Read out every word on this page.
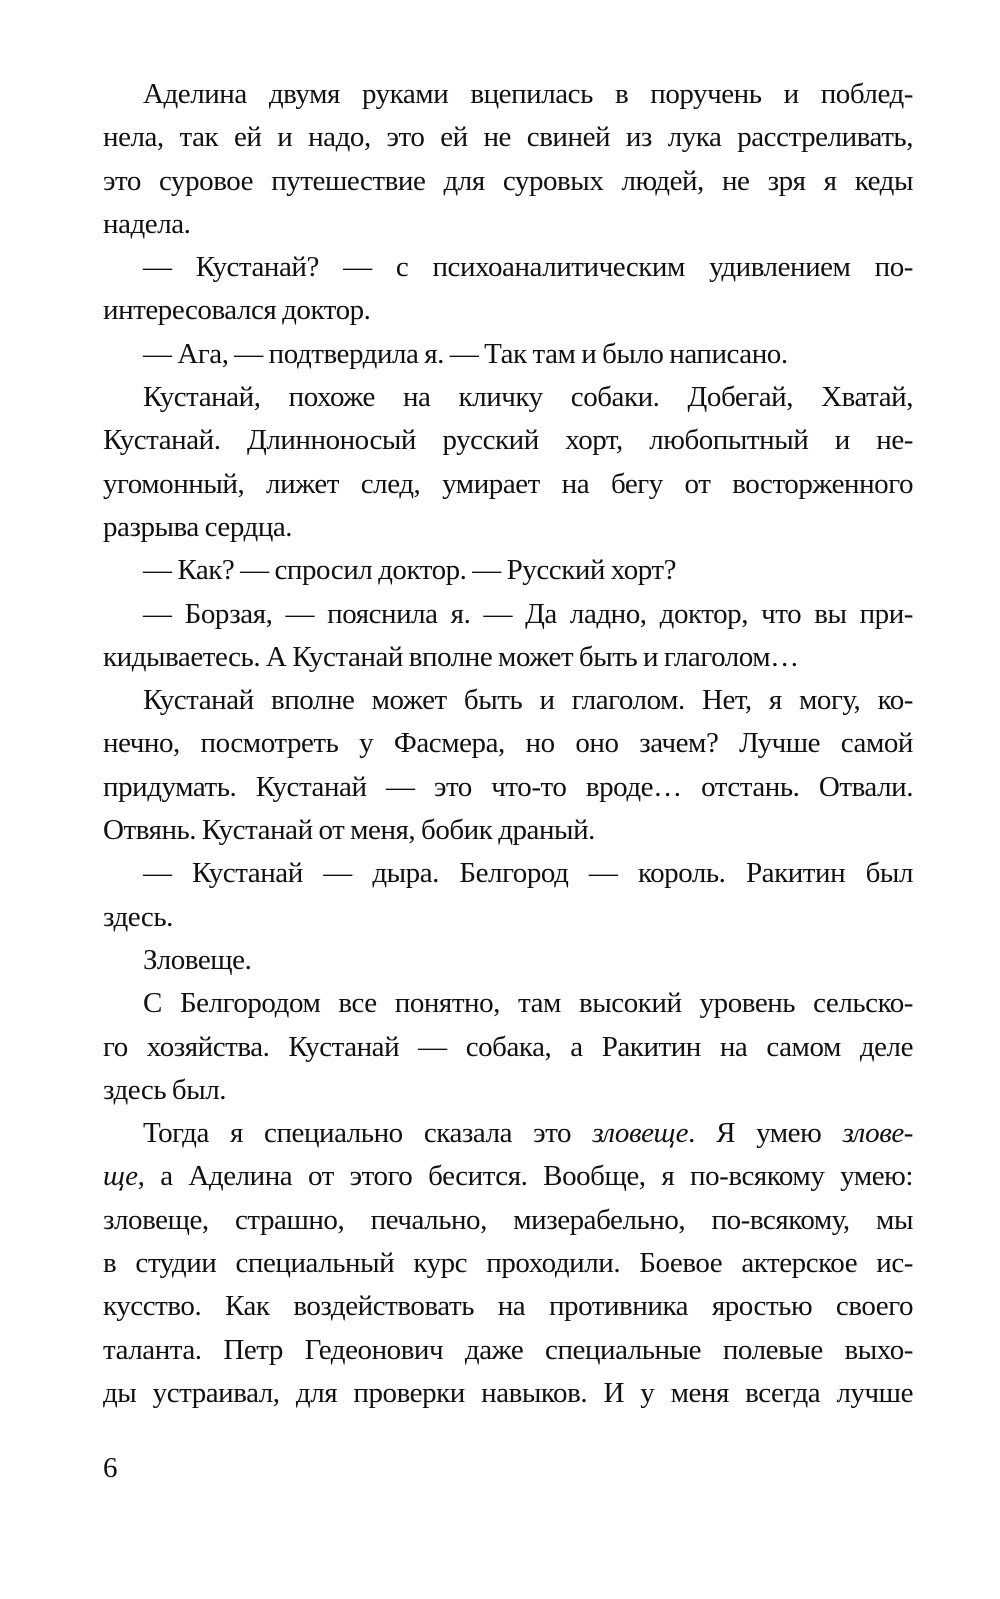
Аделина двумя руками вцепилась в поручень и поблед-
нела, так ей и надо, это ей не свиней из лука расстреливать,
это суровое путешествие для суровых людей, не зря я кеды
надела.
— Кустанай? — с психоаналитическим удивлением по-
интересовался доктор.
— Ага, — подтвердила я. — Так там и было написано.
Кустанай, похоже на кличку собаки. Добегай, Хватай,
Кустанай. Длинноносый русский хорт, любопытный и не-
угомонный, лижет след, умирает на бегу от восторженного
разрыва сердца.
— Как? — спросил доктор. — Русский хорт?
— Борзая, — пояснила я. — Да ладно, доктор, что вы при-
кидываетесь. А Кустанай вполне может быть и глаголом…
Кустанай вполне может быть и глаголом. Нет, я могу, ко-
нечно, посмотреть у Фасмера, но оно зачем? Лучше самой
придумать. Кустанай — это что-то вроде… отстань. Отвали.
Отвянь. Кустанай от меня, бобик драный.
— Кустанай — дыра. Белгород — король. Ракитин был
здесь.
Зловеще.
С Белгородом все понятно, там высокий уровень сельско-
го хозяйства. Кустанай — собака, а Ракитин на самом деле
здесь был.
Тогда я специально сказала это зловеще. Я умею злове-
ще, а Аделина от этого бесится. Вообще, я по-всякому умею:
зловеще, страшно, печально, мизерабельно, по-всякому, мы
в студии специальный курс проходили. Боевое актерское ис-
кусство. Как воздействовать на противника яростью своего
таланта. Петр Гедеонович даже специальные полевые выхо-
ды устраивал, для проверки навыков. И у меня всегда лучше
6
